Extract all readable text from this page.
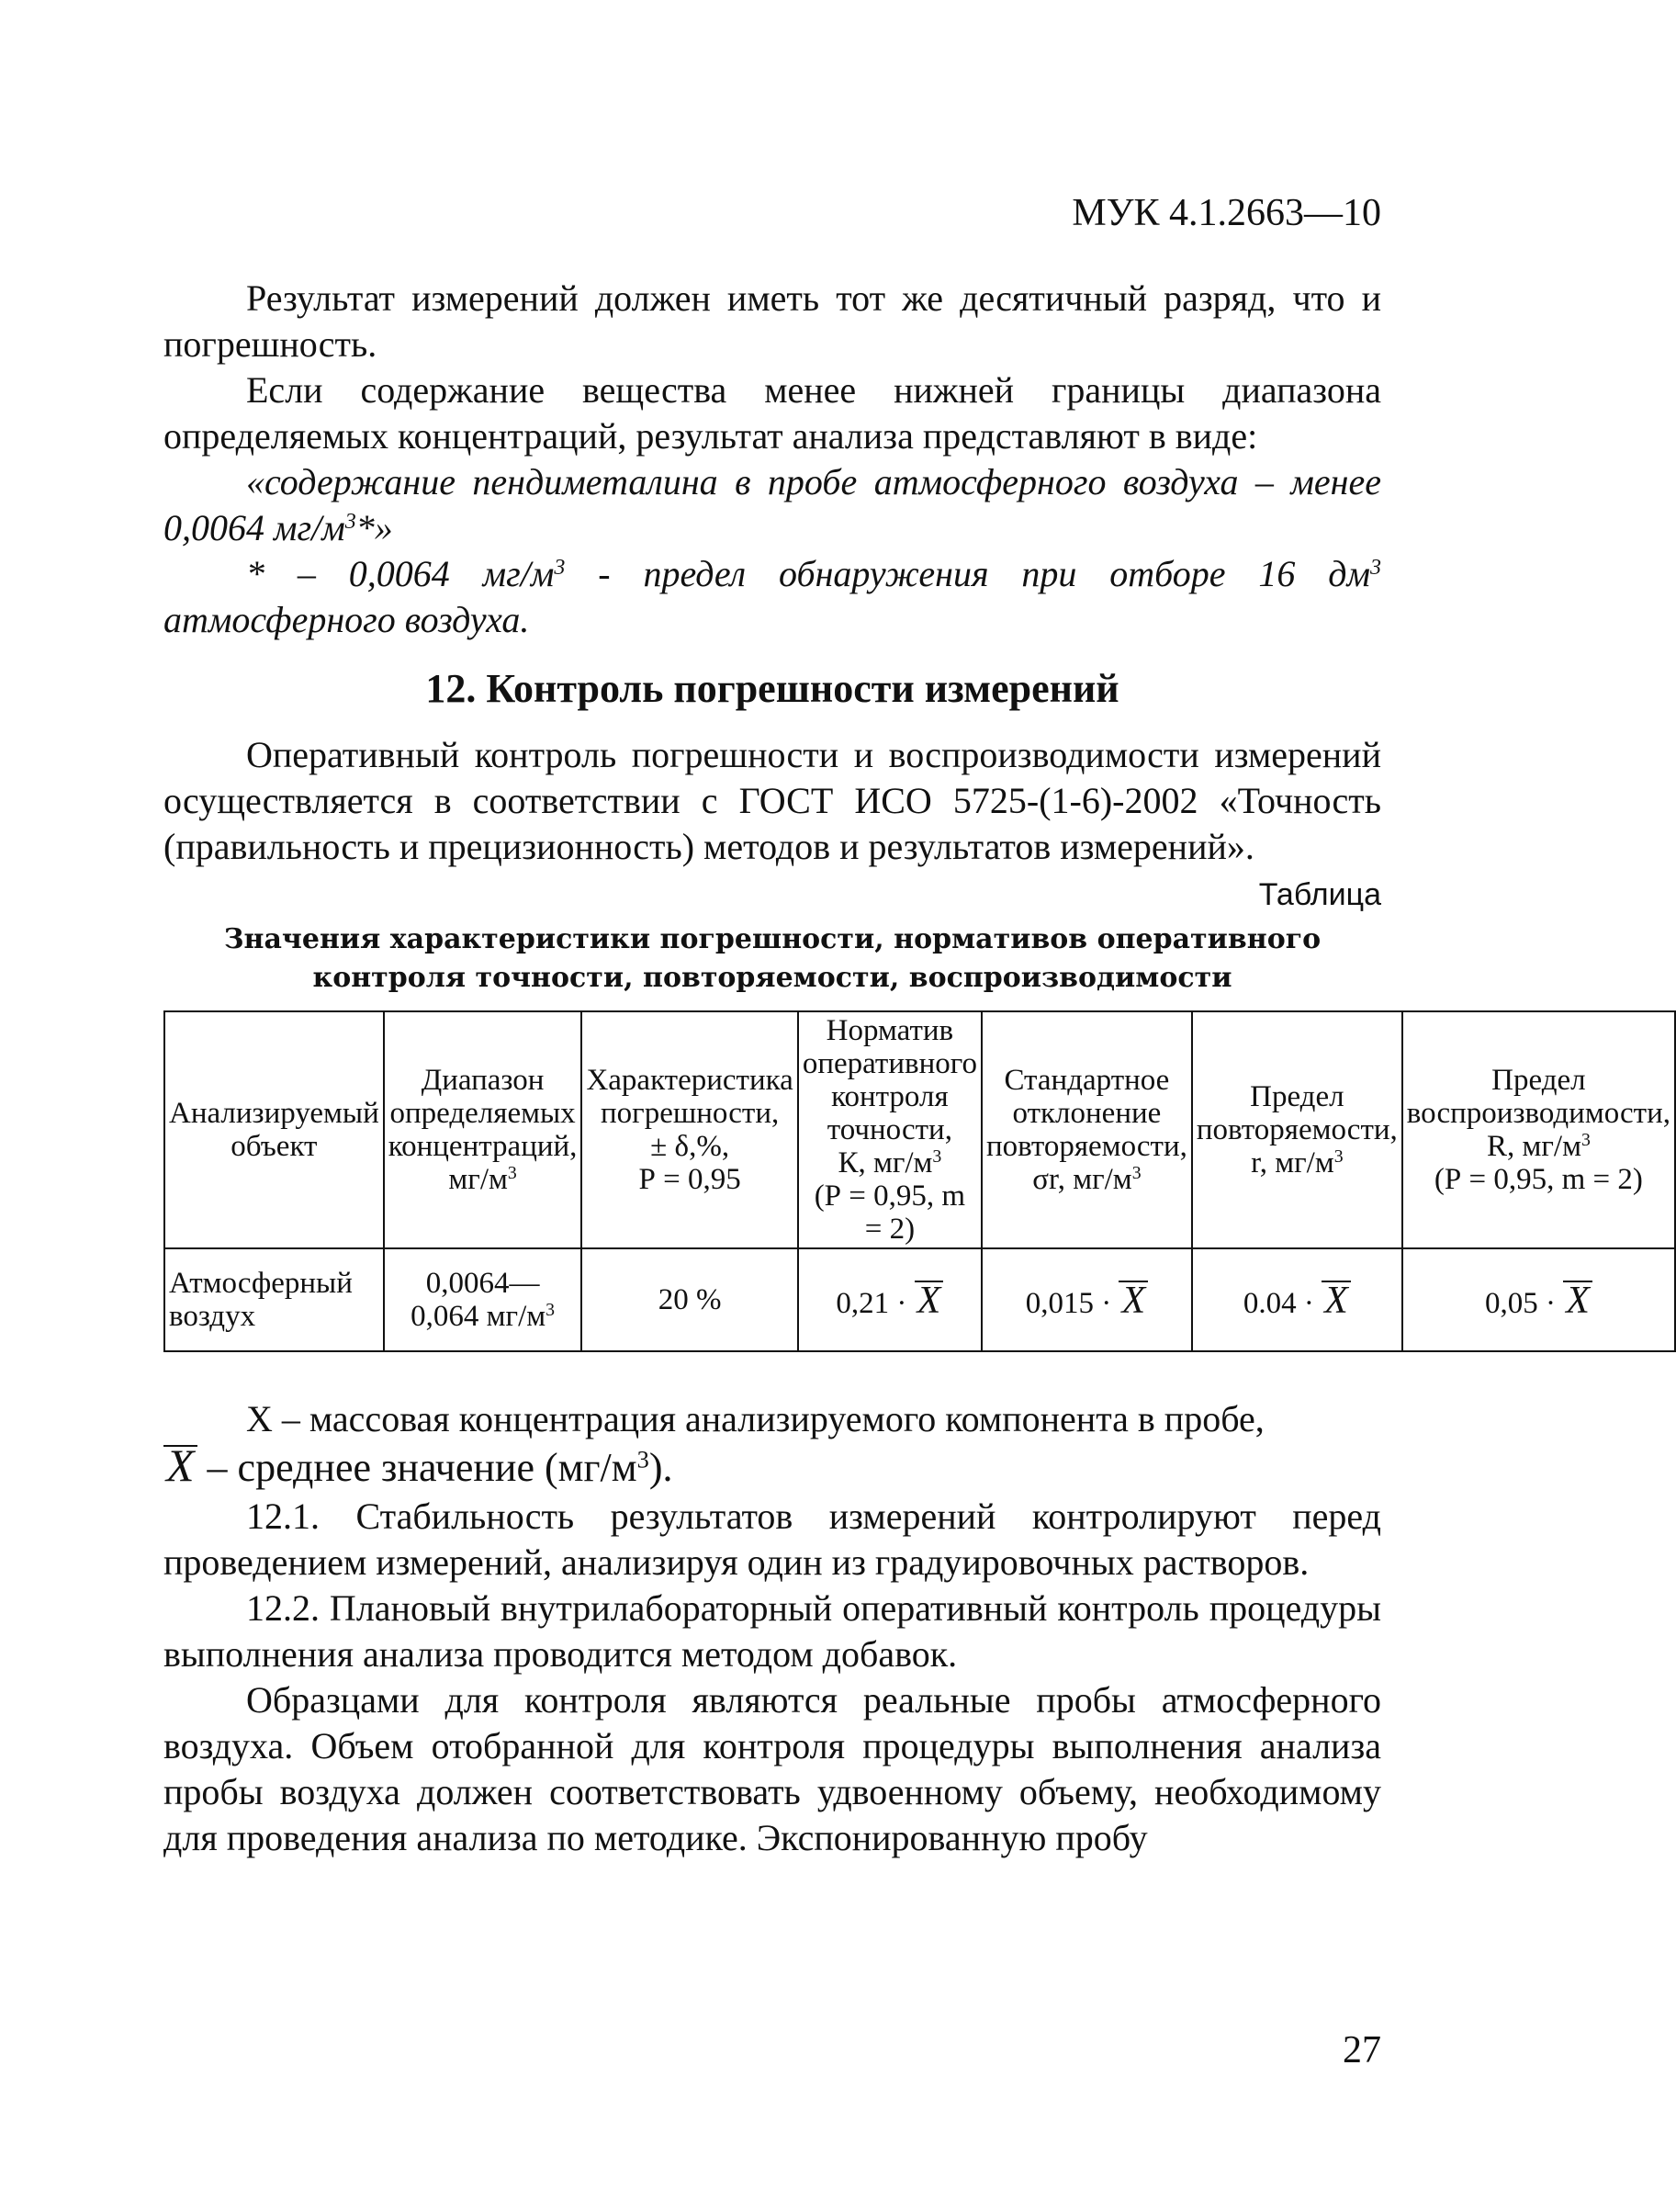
МУК 4.1.2663—10

Результат измерений должен иметь тот же десятичный разряд, что и погрешность.

Если содержание вещества менее нижней границы диапазона определяемых концентраций, результат анализа представляют в виде:

«содержание пендиметалина в пробе атмосферного воздуха – менее 0,0064 $мг/м^3*$»

* – 0,0064 $мг/м^3$ - предел обнаружения при отборе 16 $дм^3$ атмосферного воздуха.

12. Контроль погрешности измерений

Оперативный контроль погрешности и воспроизводимости измерений осуществляется в соответствии с ГОСТ ИСО 5725-(1-6)-2002 «Точность (правильность и прецизионность) методов и результатов измерений».

Таблица
Значения характеристики погрешности, нормативов оперативного контроля точности, повторяемости, воспроизводимости
Анализируемый объект	Диапазон определяемых концентраций, $мг/м^3$	Характеристика погрешности,
± δ,%,
Р = 0,95	Норматив оперативного контроля точности,
К, $мг/м^3$
(Р = 0,95, m = 2)	Стандартное отклонение повторяемости,
σr, $мг/м^3$	Предел повторяемости,
r, $мг/м^3$	Предел воспроизводимости,
R, $мг/м^3$
(Р = 0,95, m = 2)
Атмосферный воздух	0,0064—
0,064 $мг/м^3$	20 %	0,21 · X	0,015 · X	0.04 · X	0,05 · X

Х – массовая концентрация анализируемого компонента в пробе,

X – среднее значение $(мг/м^3)$.

12.1. Стабильность результатов измерений контролируют перед проведением измерений, анализируя один из градуировочных растворов.

12.2. Плановый внутрилабораторный оперативный контроль процедуры выполнения анализа проводится методом добавок.

Образцами для контроля являются реальные пробы атмосферного воздуха. Объем отобранной для контроля процедуры выполнения анализа пробы воздуха должен соответствовать удвоенному объему, необходимому для проведения анализа по методике. Экспонированную пробу

27
